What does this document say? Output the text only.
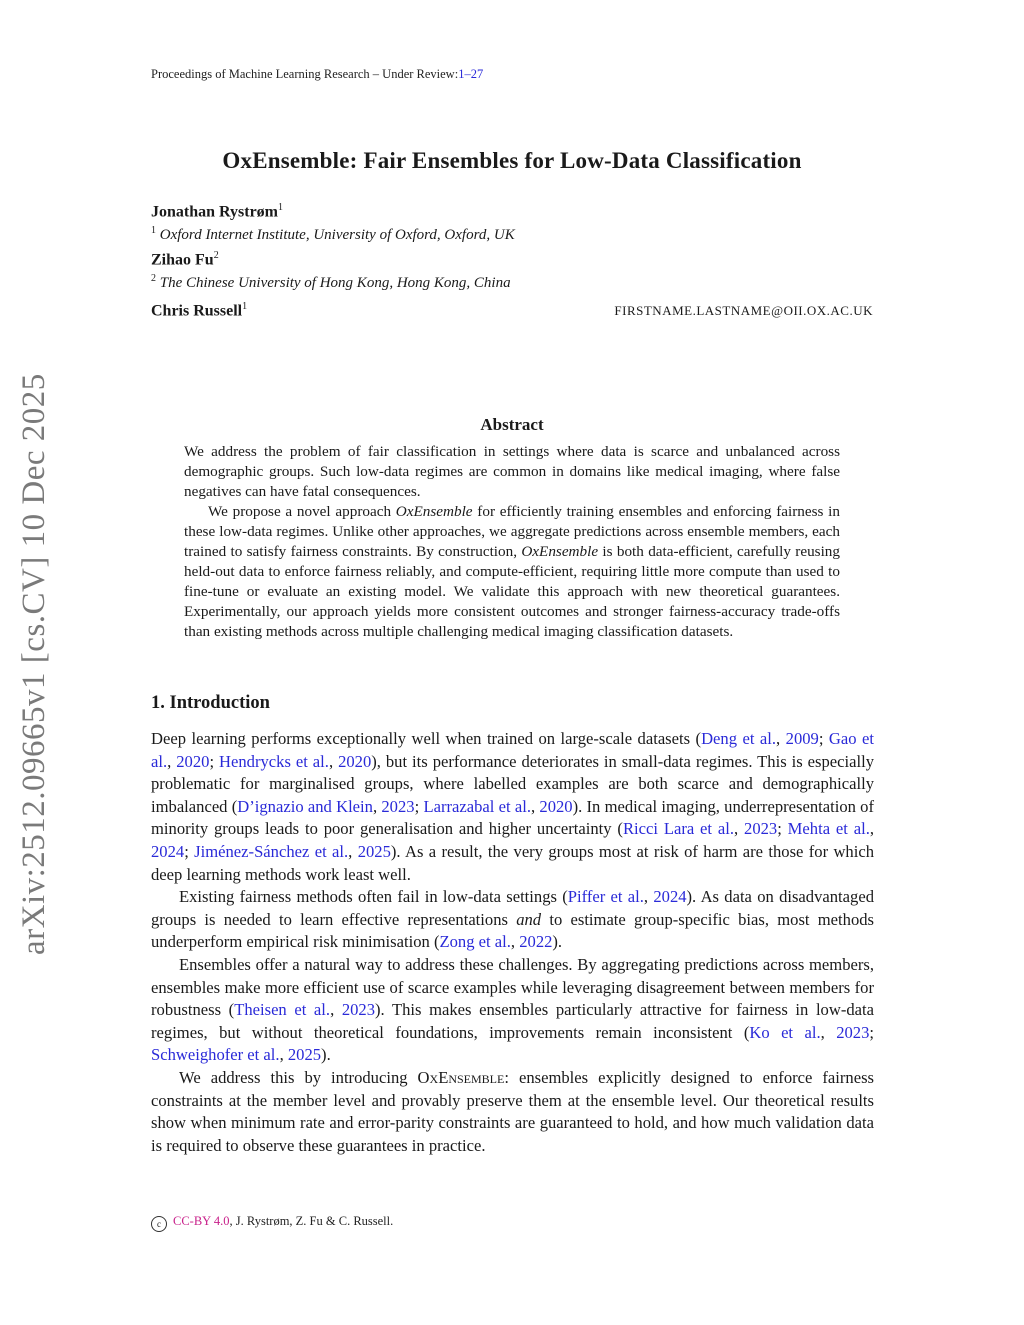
Proceedings of Machine Learning Research – Under Review:1–27
OxEnsemble: Fair Ensembles for Low-Data Classification
Jonathan Rystrøm$^1$
$^1$ Oxford Internet Institute, University of Oxford, Oxford, UK
Zihao Fu$^2$
$^2$ The Chinese University of Hong Kong, Hong Kong, China
Chris Russell$^1$	FIRSTNAME.LASTNAME@OII.OX.AC.UK
arXiv:2512.09665v1 [cs.CV] 10 Dec 2025	Abstract

We address the problem of fair classification in settings where data is scarce and unbalanced across demographic groups. Such low-data regimes are common in domains like medical imaging, where false negatives can have fatal consequences.

We propose a novel approach OxEnsemble for efficiently training ensembles and enforcing fairness in these low-data regimes. Unlike other approaches, we aggregate predictions across ensemble members, each trained to satisfy fairness constraints. By construction, OxEnsemble is both data-efficient, carefully reusing held-out data to enforce fairness reliably, and compute-efficient, requiring little more compute than used to fine-tune or evaluate an existing model. We validate this approach with new theoretical guarantees. Experimentally, our approach yields more consistent outcomes and stronger fairness-accuracy trade-offs than existing methods across multiple challenging medical imaging classification datasets.

1. Introduction

Deep learning performs exceptionally well when trained on large-scale datasets (Deng et al., 2009; Gao et al., 2020; Hendrycks et al., 2020), but its performance deteriorates in small-data regimes. This is especially problematic for marginalised groups, where labelled examples are both scarce and demographically imbalanced (D’ignazio and Klein, 2023; Larrazabal et al., 2020). In medical imaging, underrepresentation of minority groups leads to poor generalisation and higher uncertainty (Ricci Lara et al., 2023; Mehta et al., 2024; Jiménez-Sánchez et al., 2025). As a result, the very groups most at risk of harm are those for which deep learning methods work least well.

Existing fairness methods often fail in low-data settings (Piffer et al., 2024). As data on disadvantaged groups is needed to learn effective representations and to estimate group-specific bias, most methods underperform empirical risk minimisation (Zong et al., 2022).

Ensembles offer a natural way to address these challenges. By aggregating predictions across members, ensembles make more efficient use of scarce examples while leveraging disagreement between members for robustness (Theisen et al., 2023). This makes ensembles particularly attractive for fairness in low-data regimes, but without theoretical foundations, improvements remain inconsistent (Ko et al., 2023; Schweighofer et al., 2025).

We address this by introducing OxEnsemble: ensembles explicitly designed to enforce fairness constraints at the member level and provably preserve them at the ensemble level. Our theoretical results show when minimum rate and error-parity constraints are guaranteed to hold, and how much validation data is required to observe these guarantees in practice.

c CC-BY 4.0, J. Rystrøm, Z. Fu & C. Russell.
